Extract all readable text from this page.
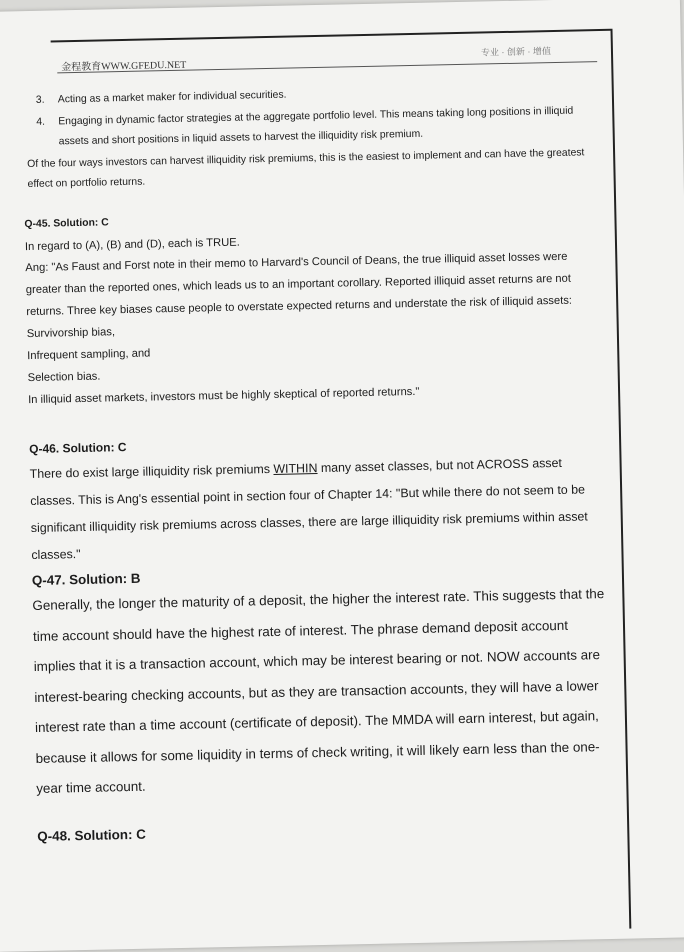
金程教育WWW.GFEDU.NET
专业 · 创新 · 增值
3.	Acting as a market maker for individual securities.
4.	Engaging in dynamic factor strategies at the aggregate portfolio level. This means taking long positions in illiquid assets and short positions in liquid assets to harvest the illiquidity risk premium.

Of the four ways investors can harvest illiquidity risk premiums, this is the easiest to implement and can have the greatest effect on portfolio returns.

Q-45. Solution: C

In regard to (A), (B) and (D), each is TRUE.

Ang: "As Faust and Forst note in their memo to Harvard's Council of Deans, the true illiquid asset losses were greater than the reported ones, which leads us to an important corollary. Reported illiquid asset returns are not returns. Three key biases cause people to overstate expected returns and understate the risk of illiquid assets:

Survivorship bias,

Infrequent sampling, and

Selection bias.

In illiquid asset markets, investors must be highly skeptical of reported returns."

Q-46. Solution: C

There do exist large illiquidity risk premiums WITHIN many asset classes, but not ACROSS asset classes. This is Ang's essential point in section four of Chapter 14: "But while there do not seem to be significant illiquidity risk premiums across classes, there are large illiquidity risk premiums within asset classes."

Q-47. Solution: B

Generally, the longer the maturity of a deposit, the higher the interest rate. This suggests that the time account should have the highest rate of interest. The phrase demand deposit account implies that it is a transaction account, which may be interest bearing or not. NOW accounts are interest-bearing checking accounts, but as they are transaction accounts, they will have a lower interest rate than a time account (certificate of deposit). The MMDA will earn interest, but again, because it allows for some liquidity in terms of check writing, it will likely earn less than the one-year time account.

Q-48. Solution: C
